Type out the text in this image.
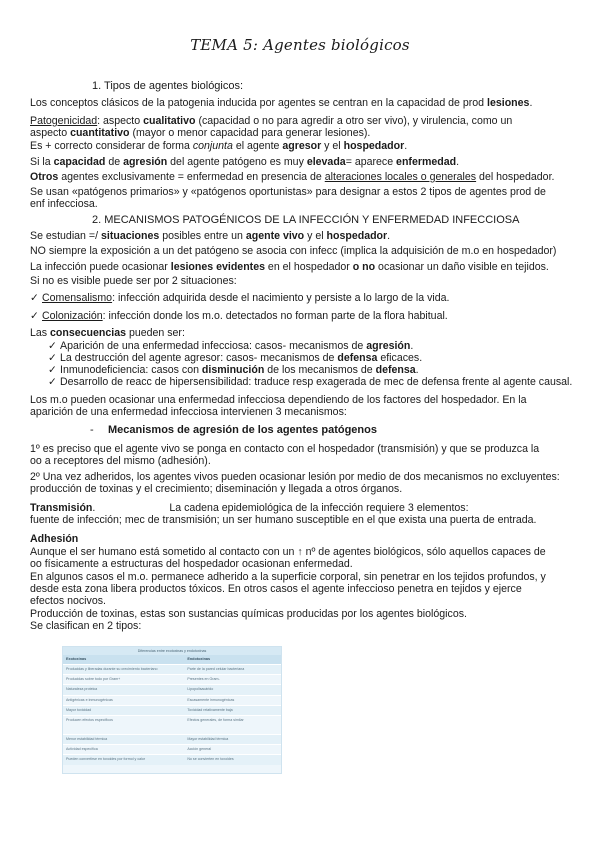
TEMA 5: Agentes biológicos
1. Tipos de agentes biológicos:
Los conceptos clásicos de la patogenia inducida por agentes se centran en la capacidad de prod lesiones.
Patogenicidad: aspecto cualitativo (capacidad o no para agredir a otro ser vivo), y virulencia, como un
aspecto cuantitativo (mayor o menor capacidad para generar lesiones).
Es + correcto considerar de forma conjunta el agente agresor y el hospedador.
Si la capacidad de agresión del agente patógeno es muy elevada= aparece enfermedad.
Otros agentes exclusivamente = enfermedad en presencia de alteraciones locales o generales del hospedador.
Se usan «patógenos primarios» y «patógenos oportunistas» para designar a estos 2 tipos de agentes prod de
enf infecciosa.
2. MECANISMOS PATOGÉNICOS DE LA INFECCIÓN Y ENFERMEDAD INFECCIOSA
Se estudian =/ situaciones posibles entre un agente vivo y el hospedador.
NO siempre la exposición a un det patógeno se asocia con infecc (implica la adquisición de m.o en hospedador)
La infección puede ocasionar lesiones evidentes en el hospedador o no ocasionar un daño visible en tejidos.
Si no es visible puede ser por 2 situaciones:
✓ Comensalismo: infección adquirida desde el nacimiento y persiste a lo largo de la vida.
✓ Colonización: infección donde los m.o. detectados no forman parte de la flora habitual.
Las consecuencias pueden ser:
✓ Aparición de una enfermedad infecciosa: casos- mecanismos de agresión.
✓ La destrucción del agente agresor: casos- mecanismos de defensa eficaces.
✓ Inmunodeficiencia: casos con disminución de los mecanismos de defensa.
✓ Desarrollo de reacc de hipersensibilidad: traduce resp exagerada de mec de defensa frente al agente causal.
Los m.o pueden ocasionar una enfermedad infecciosa dependiendo de los factores del hospedador. En la
aparición de una enfermedad infecciosa intervienen 3 mecanismos:
- Mecanismos de agresión de los agentes patógenos
1º es preciso que el agente vivo se ponga en contacto con el hospedador (transmisión) y que se produzca la
oo a receptores del mismo (adhesión).
2º Una vez adheridos, los agentes vivos pueden ocasionar lesión por medio de dos mecanismos no excluyentes:
producción de toxinas y el crecimiento; diseminación y llegada a otros órganos.
Transmisión.	La cadena epidemiológica de la infección requiere 3 elementos:
fuente de infección; mec de transmisión; un ser humano susceptible en el que exista una puerta de entrada.
Adhesión
Aunque el ser humano está sometido al contacto con un ↑ nº de agentes biológicos, sólo aquellos capaces de
oo físicamente a estructuras del hospedador ocasionan enfermedad.
En algunos casos el m.o. permanece adherido a la superficie corporal, sin penetrar en los tejidos profundos, y
desde esta zona libera productos tóxicos. En otros casos el agente infeccioso penetra en tejidos y ejerce
efectos nocivos.
Producción de toxinas, estas son sustancias químicas producidas por los agentes biológicos.
Se clasifican en 2 tipos:
Diferencias entre exotoxinas y endotoxinas
Exotoxinas	Endotoxinas
Producidas y liberadas durante su crecimiento bacteriano	Parte de la pared celular bacteriana
Producidas sobre todo por Gram+	Presentes en Gram-
Naturaleza proteica	Lipopolisacárido
Antigénicas e inmunogénicas	Escasamente inmunogénicas
Mayor toxicidad	Toxicidad relativamente baja
Producen efectos específicos	Efectos generales, de forma similar
Menor estabilidad térmica	Mayor estabilidad térmica
Actividad específica	Acción general
Pueden convertirse en toxoides por formol y calor	No se convierten en toxoides
